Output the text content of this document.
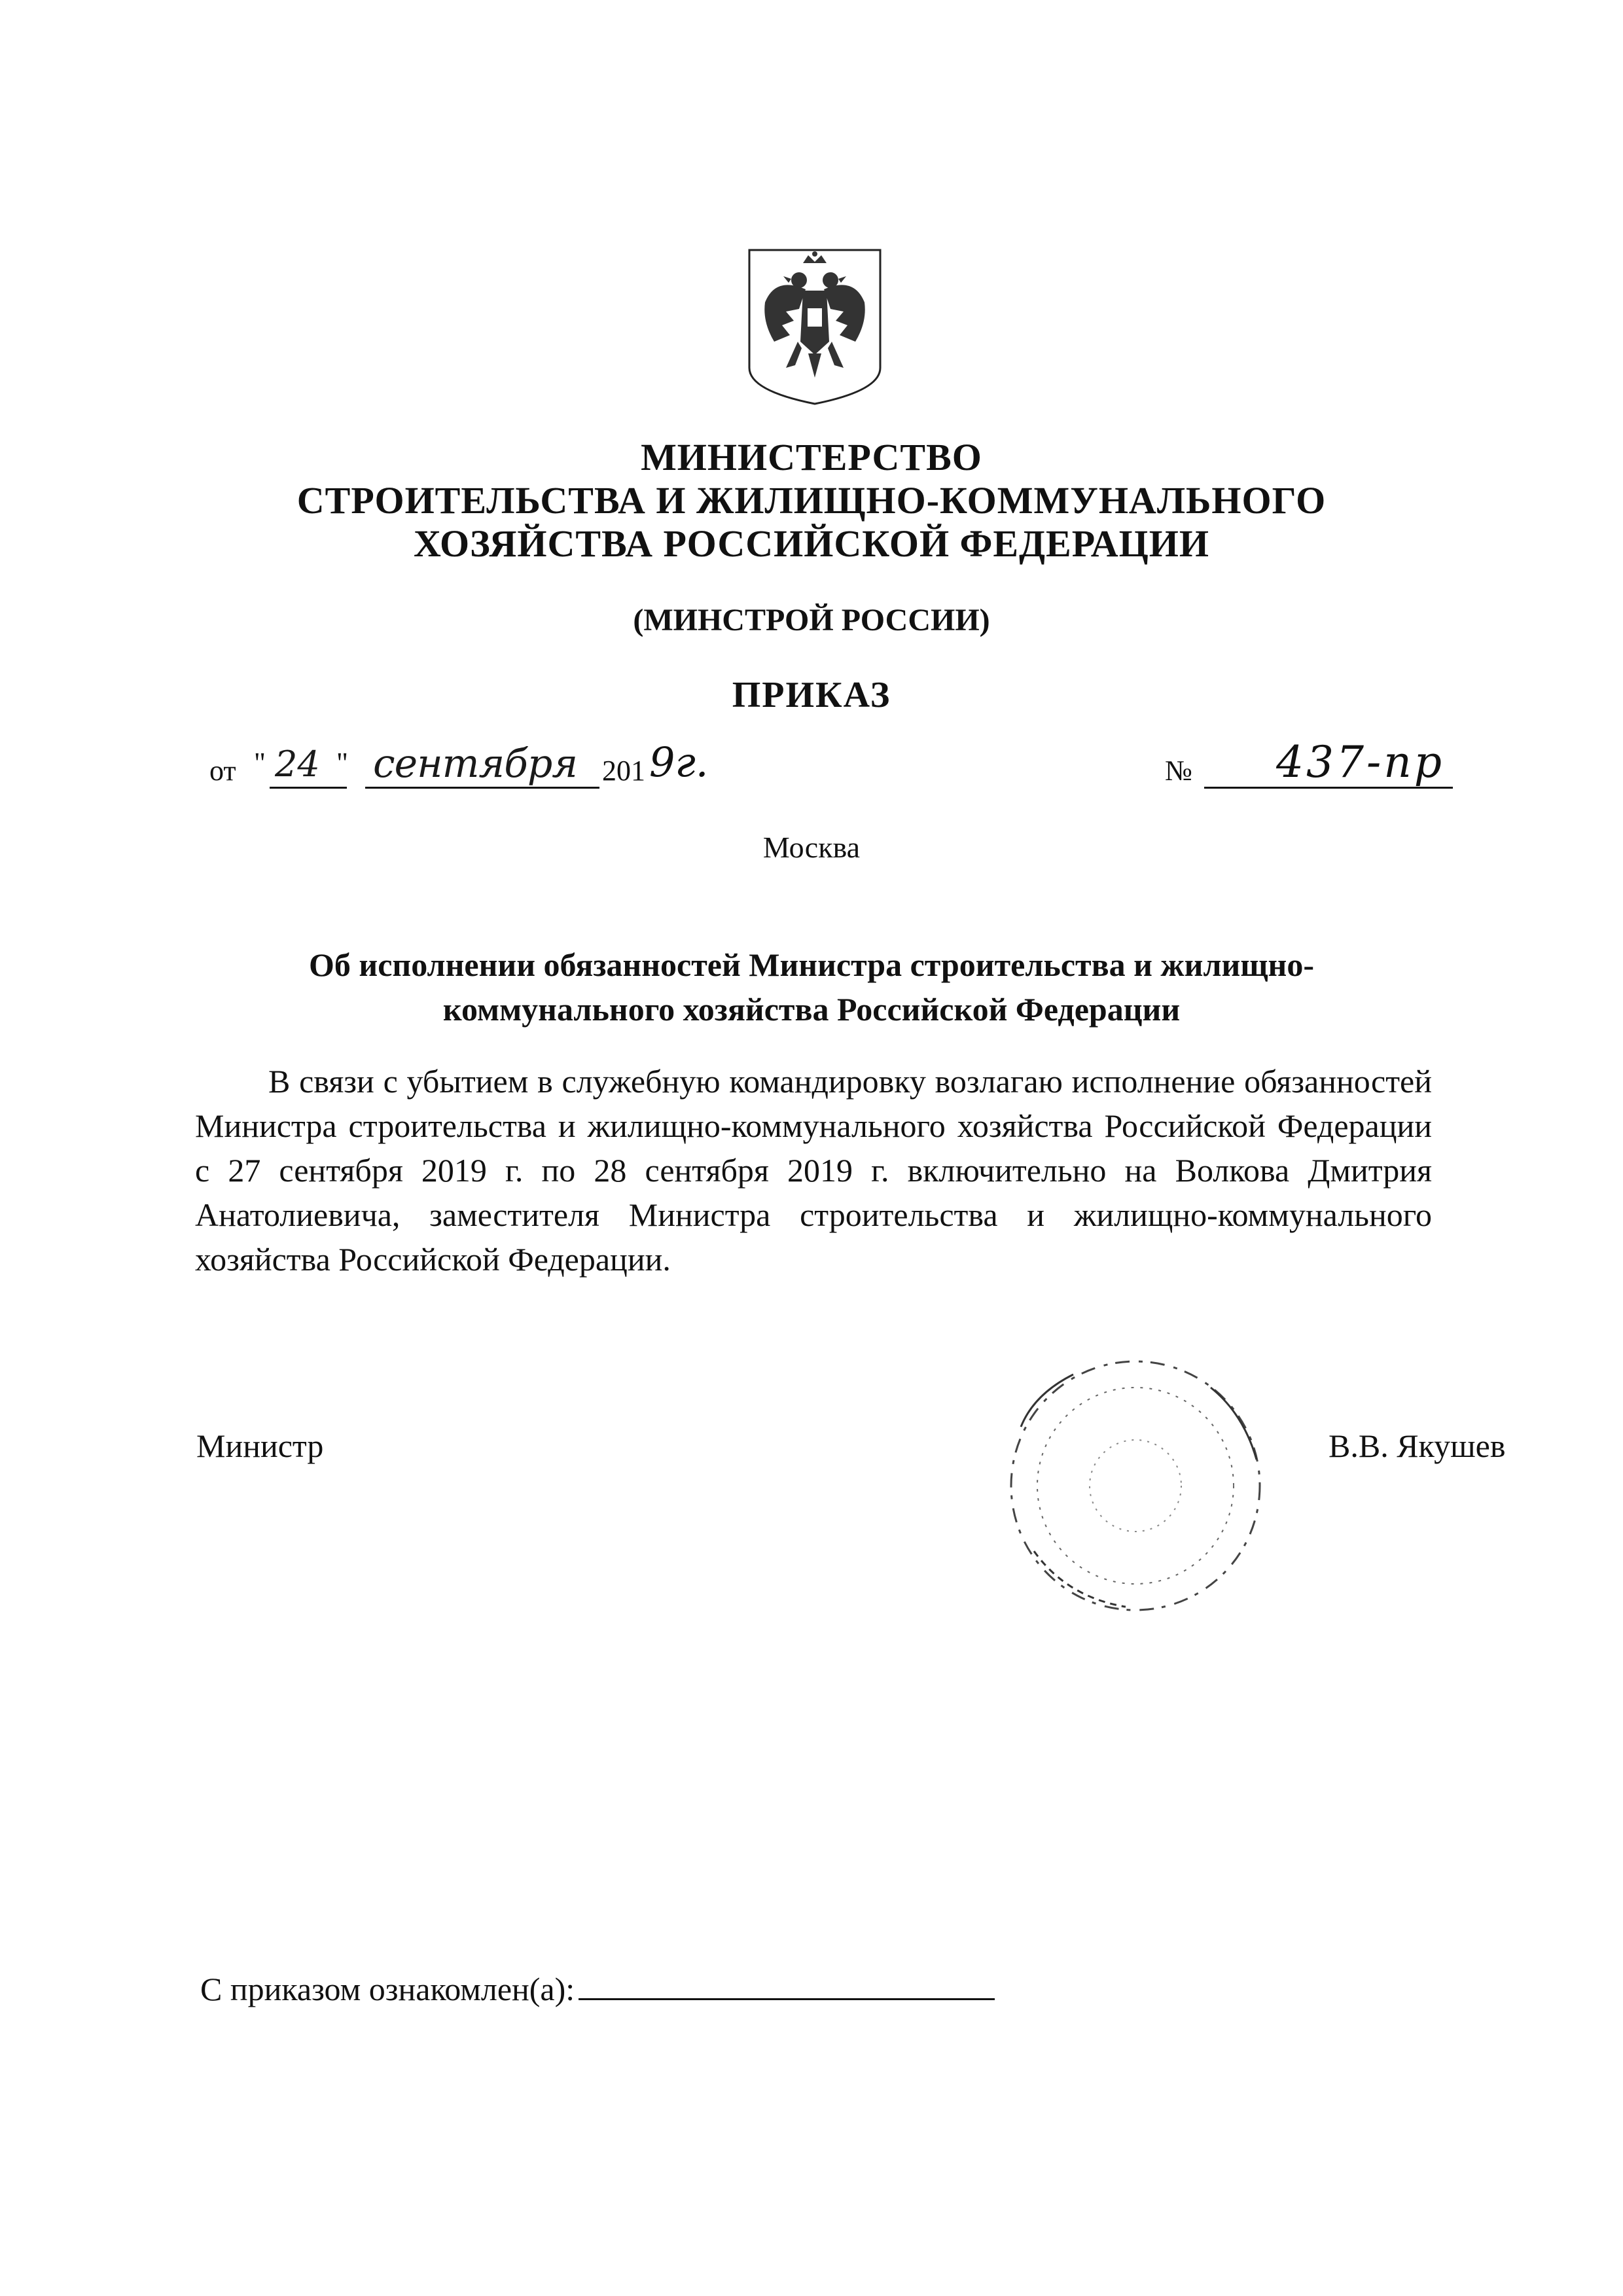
МИНИСТЕРСТВО
СТРОИТЕЛЬСТВА И ЖИЛИЩНО-КОММУНАЛЬНОГО
ХОЗЯЙСТВА РОССИЙСКОЙ ФЕДЕРАЦИИ
(МИНСТРОЙ РОССИИ)
ПРИКАЗ
от " 24 " сентября 201 9г.	№ 437-пр
Москва
Об исполнении обязанностей Министра строительства и жилищно-
коммунального хозяйства Российской Федерации
В связи с убытием в служебную командировку возлагаю исполнение обязанностей Министра строительства и жилищно-коммунального хозяйства Российской Федерации с 27 сентября 2019 г. по 28 сентября 2019 г. включительно на Волкова Дмитрия Анатолиевича, заместителя Министра строительства и жилищно-коммунального хозяйства Российской Федерации.
Министр	В.В. Якушев
С приказом ознакомлен(а):
